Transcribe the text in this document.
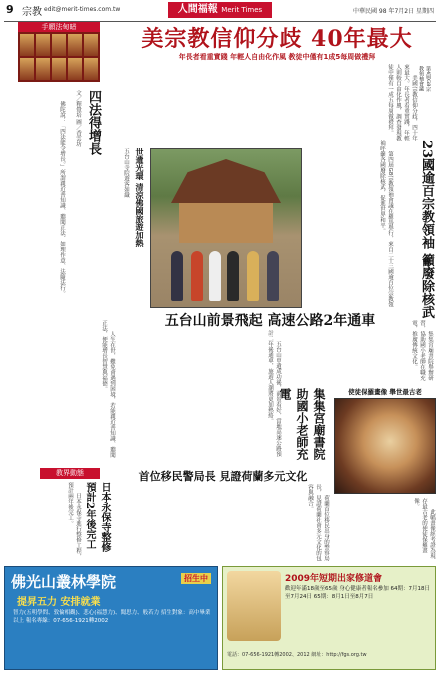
9 宗教 edit@merit-times.com.tw	人間福報 Merit Times	中華民國 98 年7月2日 星期四
美宗教信仰分歧 40年最大
年長者看重實踐 年輕人自由化作風 教徒中僅有1成5每周做禮拜
手願法甸暗
四法得增長
文／釋覺培 圖／香雲坊
　　佛陀說：「四法能令增長。」所謂親近善知識、聽聞正法、如理作意、法隨法行。
　　人生在世，難免會遇到困境，若能親近善知識、聽聞正法，便能增長智慧與福德。
　　美國宗教信仰分歧，四十年來最大。年長者看重實踐，年輕人則較自由化作風，調查發現教徒中僅有一成五每周做禮拜。	第4屆G8宗教領袖會議
23國逾百宗教領袖 籲廢除核武
　　第四屆G8宗教領袖會議在羅馬舉行，來自二十三國逾百位宗教領袖呼籲各國廢除核武，促進世界和平。
世遺光環 清涼佛國旅遊加熱
五台山寺院遊客如織
五台山前景飛起 高速公路2年通車
　　五台山申遺成功後，前景看好，當地高速公路預計二年後通車，旅遊人潮將更加熱絡。
集集宮廟書院 助國小老師充電
　　集集宮廟書院舉辦研習，協助國小老師在職充電，推廣傳統文化。
使徒保羅畫像 舉世最古老
首位移民警局長 見證荷蘭多元文化
　　荷蘭首位移民出身的警察局長，見證荷蘭社會多元文化的包容與融合。
　　此幅畫像經考證為現存最古老的使徒保羅畫像。
教界動態
日本永保寺整修 預計2年後完工
　　日本永保寺進行整修工程，預計兩年後完工。
佛光山叢林學院	招生中
提昇五力 安排就業
智力(五明學問、敦倫相觀)、悲心(福慧力)、聞思力、般若力 招生對象：高中畢業以上 報名專線：07-656-1921轉2002
2009年短期出家修道會
歡迎年滿18歲至65歲 身心健康者報名參加 64期：7月18日至7月24日 65期：8月1日至8月7日
電話：07-656-1921轉2002、2012 網址：http://fgs.org.tw
